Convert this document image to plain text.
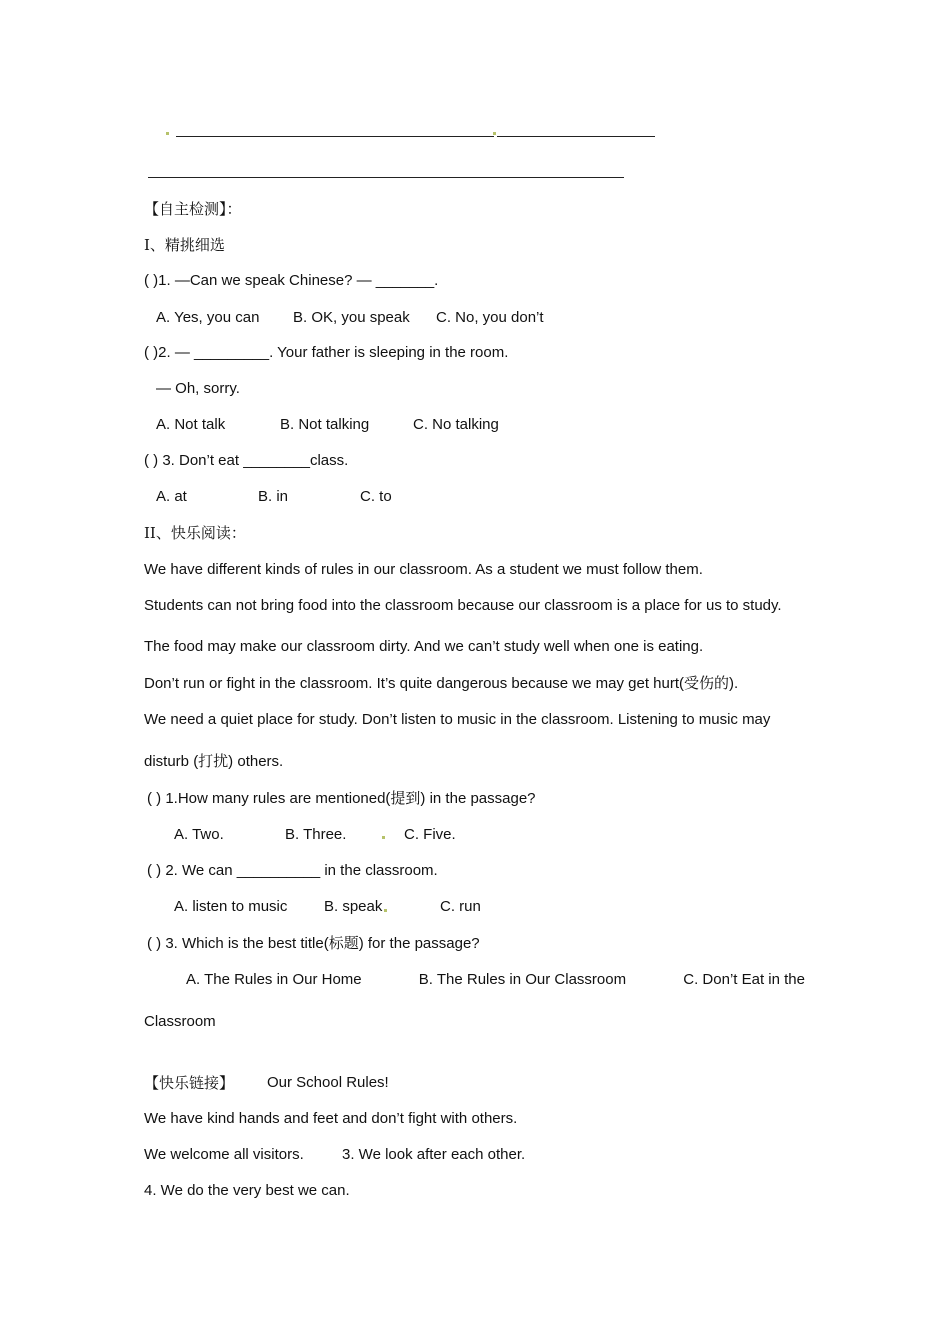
【自主检测】：
I、精挑细选
( )1. —Can we speak Chinese? — _______.
A. Yes, you can B. OK, you speak C. No, you don’t
( )2. — _________. Your father is sleeping in the room.
— Oh, sorry.
A. Not talk	B. Not talking	C. No talking
( ) 3. Don’t eat ________class.
A. at	B. in	C. to
II、快乐阅读：
We have different kinds of rules in our classroom. As a student we must follow them.
Students can not bring food into the classroom because our classroom is a place for us to study.
The food may make our classroom dirty. And we can’t study well when one is eating.
Don’t run or fight in the classroom. It’s quite dangerous because we may get hurt(受伤的).
We need a quiet place for study. Don’t listen to music in the classroom. Listening to music may
disturb (打扰) others.
( ) 1.How many rules are mentioned(提到) in the passage?
A. Two.	B. Three.	C. Five.
( ) 2. We can __________ in the classroom.
A. listen to music B. speak	C. run
( ) 3. Which is the best title(标题) for the passage?
A. The Rules in Our Home	B. The Rules in Our Classroom	C. Don’t Eat in the
Classroom
【快乐链接】 Our School Rules!
We have kind hands and feet and don’t fight with others.
We welcome all visitors.	3. We look after each other.
4. We do the very best we can.
